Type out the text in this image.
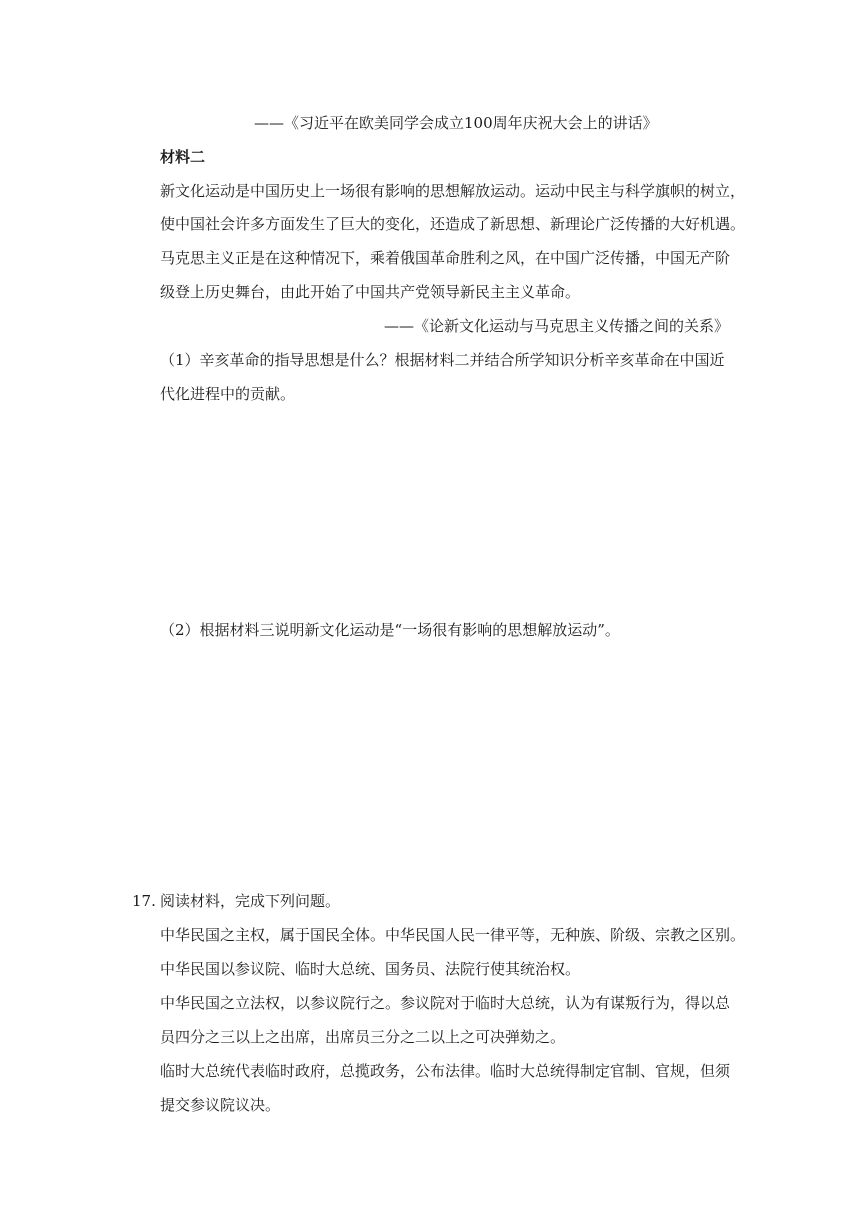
——《习近平在欧美同学会成立100周年庆祝大会上的讲话》
材料二
新文化运动是中国历史上一场很有影响的思想解放运动。运动中民主与科学旗帜的树立，
使中国社会许多方面发生了巨大的变化，还造成了新思想、新理论广泛传播的大好机遇。
马克思主义正是在这种情况下，乘着俄国革命胜利之风，在中国广泛传播，中国无产阶
级登上历史舞台，由此开始了中国共产党领导新民主主义革命。
——《论新文化运动与马克思主义传播之间的关系》
（1）辛亥革命的指导思想是什么？根据材料二并结合所学知识分析辛亥革命在中国近
代化进程中的贡献。
（2）根据材料三说明新文化运动是“一场很有影响的思想解放运动”。
17. 阅读材料，完成下列问题。
中华民国之主权，属于国民全体。中华民国人民一律平等，无种族、阶级、宗教之区别。
中华民国以参议院、临时大总统、国务员、法院行使其统治权。
中华民国之立法权，以参议院行之。参议院对于临时大总统，认为有谋叛行为，得以总
员四分之三以上之出席，出席员三分之二以上之可决弹劾之。
临时大总统代表临时政府，总揽政务，公布法律。临时大总统得制定官制、官规，但须
提交参议院议决。
